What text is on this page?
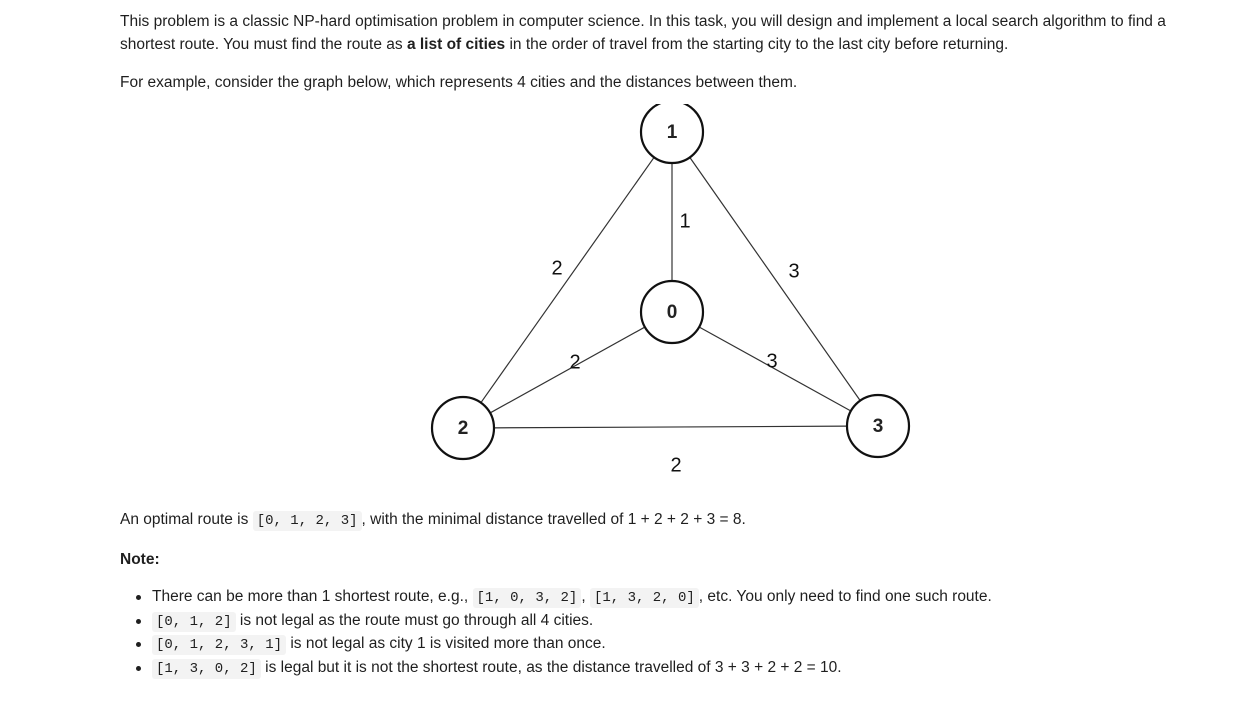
This problem is a classic NP-hard optimisation problem in computer science. In this task, you will design and implement a local search algorithm to find a shortest route. You must find the route as a list of cities in the order of travel from the starting city to the last city before returning.

For example, consider the graph below, which represents 4 cities and the distances between them.

1
2	3
2	3
2
0
1
2	3

An optimal route is [0, 1, 2, 3] , with the minimal distance travelled of 1 + 2 + 2 + 3 = 8.

Note:

There can be more than 1 shortest route, e.g., [1, 0, 3, 2] , [1, 3, 2, 0] , etc. You only need to find one such route.
[0, 1, 2] is not legal as the route must go through all 4 cities.
[0, 1, 2, 3, 1] is not legal as city 1 is visited more than once.
[1, 3, 0, 2] is legal but it is not the shortest route, as the distance travelled of 3 + 3 + 2 + 2 = 10.
